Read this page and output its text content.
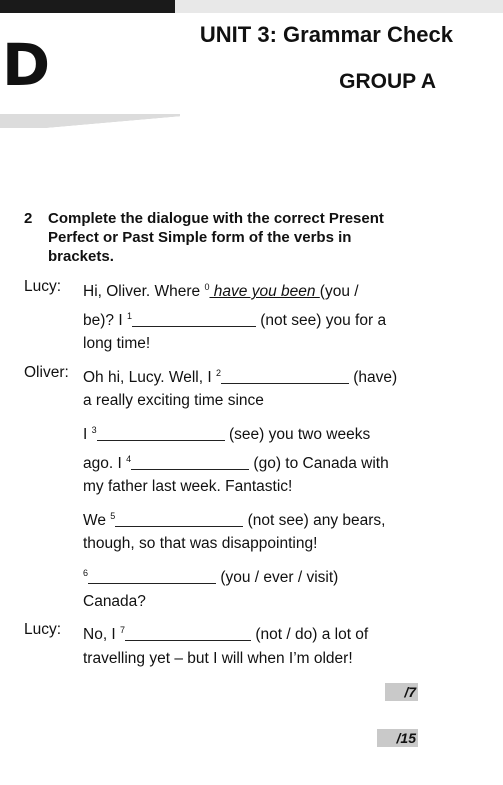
D	UNIT 3: Grammar Check
GROUP A
2 Complete the dialogue with the correct Present Perfect or Past Simple form of the verbs in brackets.
Lucy: Hi, Oliver. Where $^0$ have you been (you /
be)? I $^1$	(not see) you for a
long time!
Oliver: Oh hi, Lucy. Well, I $^2$	(have)
a really exciting time since
I $^3$	(see) you two weeks
ago. I $^4$	(go) to Canada with
my father last week. Fantastic!
We $^5$	(not see) any bears,
though, so that was disappointing!
$^6$	(you / ever / visit)
Canada?
Lucy: No, I $^7$	(not / do) a lot of
travelling yet – but I will when I’m older!
/7
/15
